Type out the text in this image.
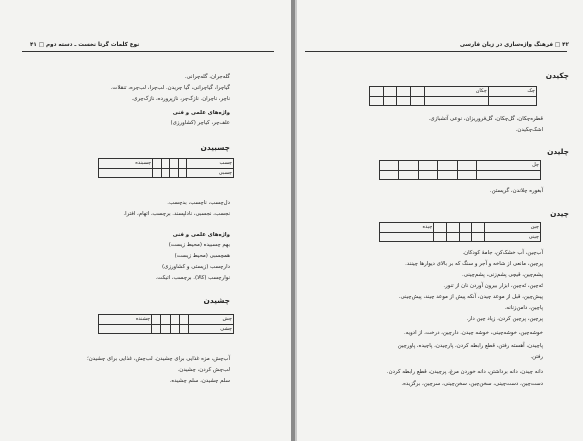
نوع کلمات گرتا نخست ـ دسته دوم □ ۴۱
گله‌جران، گله‌چرانی.
گیاچرا، گیاچرانی، گیا چریدن. لب‌چرا، لب‌چره، تنقلات.
ناچر، ناچران. نازک‌چر، نازپرورده، نازک‌چری.
واژه‌های علمی و فنی
علف‌چر، کیاچر (کشاورزی)
چسبیدن
چسب					چسبنده
چسبی					
دل‌چسب، ناچسب، بدچسب.
نجسب، نجسبی، نادلپسند. برچسب، اتهام، افترا.
واژه‌های علمی و فنی
بهم چسبیده (محیط زیست)
همچسبی (محیط زیست)
دارچسب (زیستی و کشاورزی)
نوارچسب (کالا). برچسب، اتیکت.
چشیدن
چش					چشنده
چشی					
آب‌چش، مزه غذایی برای چشیدن. لب‌چش، غذایی برای چشیدن؛
لب‌چش کردن، چشیدن.
سلم چشیدن، سلم چشیده.
۴۲ □ فرهنگ واژه‌سازی در زبان فارسی
چکیدن
چک	چکان				

قطره‌چکان، گل‌چکان، گل‌فروریزان، نوعی آتشبازی.
اشک‌چکیدن.
چلیدن
چل					

آبغوره چلاندن، گریستن.
چیدن
چین					چیده
چینی					
آب‌چین، آب خشک‌کن، جامهٔ کودکان.
پرچین، مانعی از شاخه و آجر و سنگ که بر بالای دیوارها چینند.
پشم‌چین، قیچی پشم‌زنی، پشم‌چینی.
تَه‌چین، تَه‌چین، ابزار بیرون آوردن نان از تنور.
پیش‌چین، قبل از موعد چیدن، آنکه پیش از موعد چیند، پیش‌چینی.
پاچین، دامن‌زنانه.
پرچین، پرچین کردن، زیاد چین دار.
خوشه‌چین، خوشه‌چینی، خوشه چیدن. دارچین، درخت، از ادویه.
پاچیدن، آهسته رفتن، قطع رابطه کردن، پارچیدن، پاچیده، پاورچین
رفتن.
دانه چیدن، دانه برداشتن، دانه خوردن مرغ، پرچیدن، قطع رابطه کردن.
دست‌چین، دست‌چینی، سخن‌چین، سخن‌چینی، سرچین، برگزیده.
